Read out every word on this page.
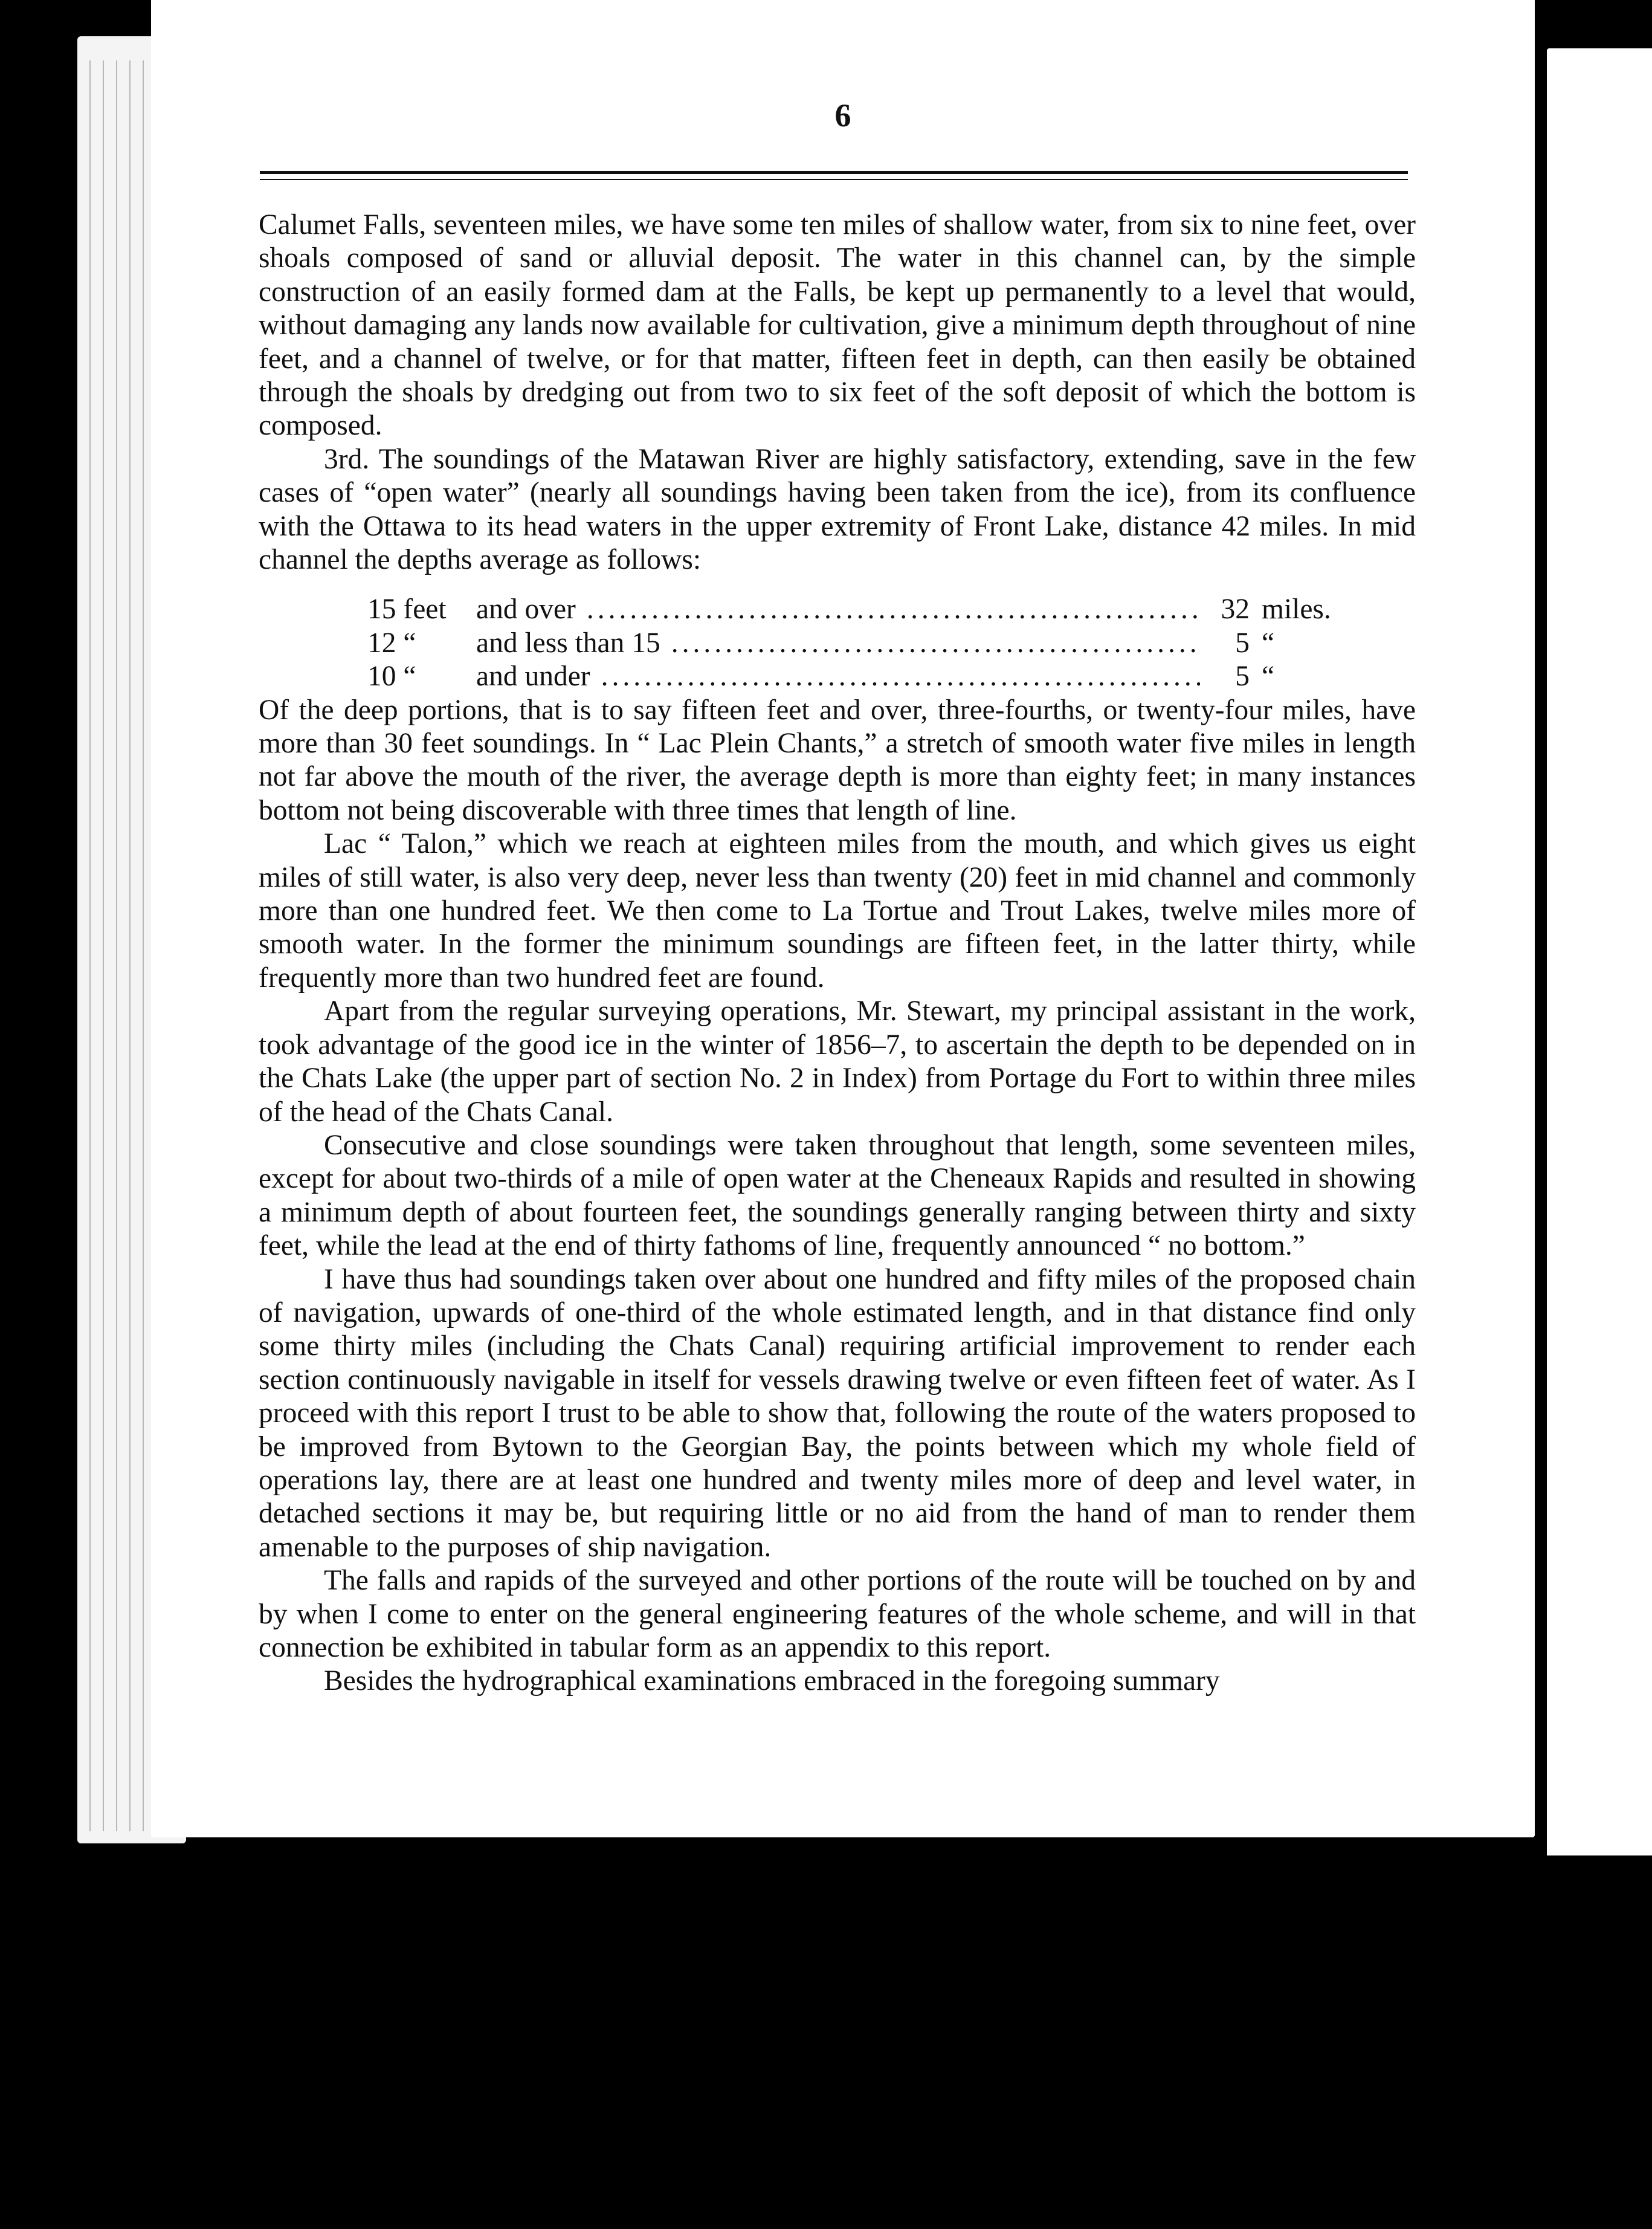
6

Calumet Falls, seventeen miles, we have some ten miles of shallow water, from six to nine feet, over shoals composed of sand or alluvial deposit. The water in this channel can, by the simple construction of an easily formed dam at the Falls, be kept up permanently to a level that would, without damaging any lands now available for cultivation, give a minimum depth throughout of nine feet, and a channel of twelve, or for that matter, fifteen feet in depth, can then easily be obtained through the shoals by dredging out from two to six feet of the soft deposit of which the bottom is composed.

3rd. The soundings of the Matawan River are highly satisfactory, extending, save in the few cases of “open water” (nearly all soundings having been taken from the ice), from its confluence with the Ottawa to its head waters in the upper extremity of Front Lake, distance 42 miles. In mid channel the depths average as follows:

15 feet	and over .....	32 miles.
12 “	and less than 15 .....	5 “
10 “	and under .....	5 “

Of the deep portions, that is to say fifteen feet and over, three-fourths, or twenty-four miles, have more than 30 feet soundings. In “ Lac Plein Chants,” a stretch of smooth water five miles in length not far above the mouth of the river, the average depth is more than eighty feet; in many instances bottom not being discoverable with three times that length of line.

Lac “ Talon,” which we reach at eighteen miles from the mouth, and which gives us eight miles of still water, is also very deep, never less than twenty (20) feet in mid channel and commonly more than one hundred feet. We then come to La Tortue and Trout Lakes, twelve miles more of smooth water. In the former the minimum soundings are fifteen feet, in the latter thirty, while frequently more than two hundred feet are found.

Apart from the regular surveying operations, Mr. Stewart, my principal assistant in the work, took advantage of the good ice in the winter of 1856–7, to ascertain the depth to be depended on in the Chats Lake (the upper part of section No. 2 in Index) from Portage du Fort to within three miles of the head of the Chats Canal.

Consecutive and close soundings were taken throughout that length, some seventeen miles, except for about two-thirds of a mile of open water at the Cheneaux Rapids and resulted in showing a minimum depth of about fourteen feet, the soundings generally ranging between thirty and sixty feet, while the lead at the end of thirty fathoms of line, frequently announced “ no bottom.”

I have thus had soundings taken over about one hundred and fifty miles of the proposed chain of navigation, upwards of one-third of the whole estimated length, and in that distance find only some thirty miles (including the Chats Canal) requiring artificial improvement to render each section continuously navigable in itself for vessels drawing twelve or even fifteen feet of water. As I proceed with this report I trust to be able to show that, following the route of the waters proposed to be improved from Bytown to the Georgian Bay, the points between which my whole field of operations lay, there are at least one hundred and twenty miles more of deep and level water, in detached sections it may be, but requiring little or no aid from the hand of man to render them amenable to the purposes of ship navigation.

The falls and rapids of the surveyed and other portions of the route will be touched on by and by when I come to enter on the general engineering features of the whole scheme, and will in that connection be exhibited in tabular form as an appendix to this report.

Besides the hydrographical examinations embraced in the foregoing summary
